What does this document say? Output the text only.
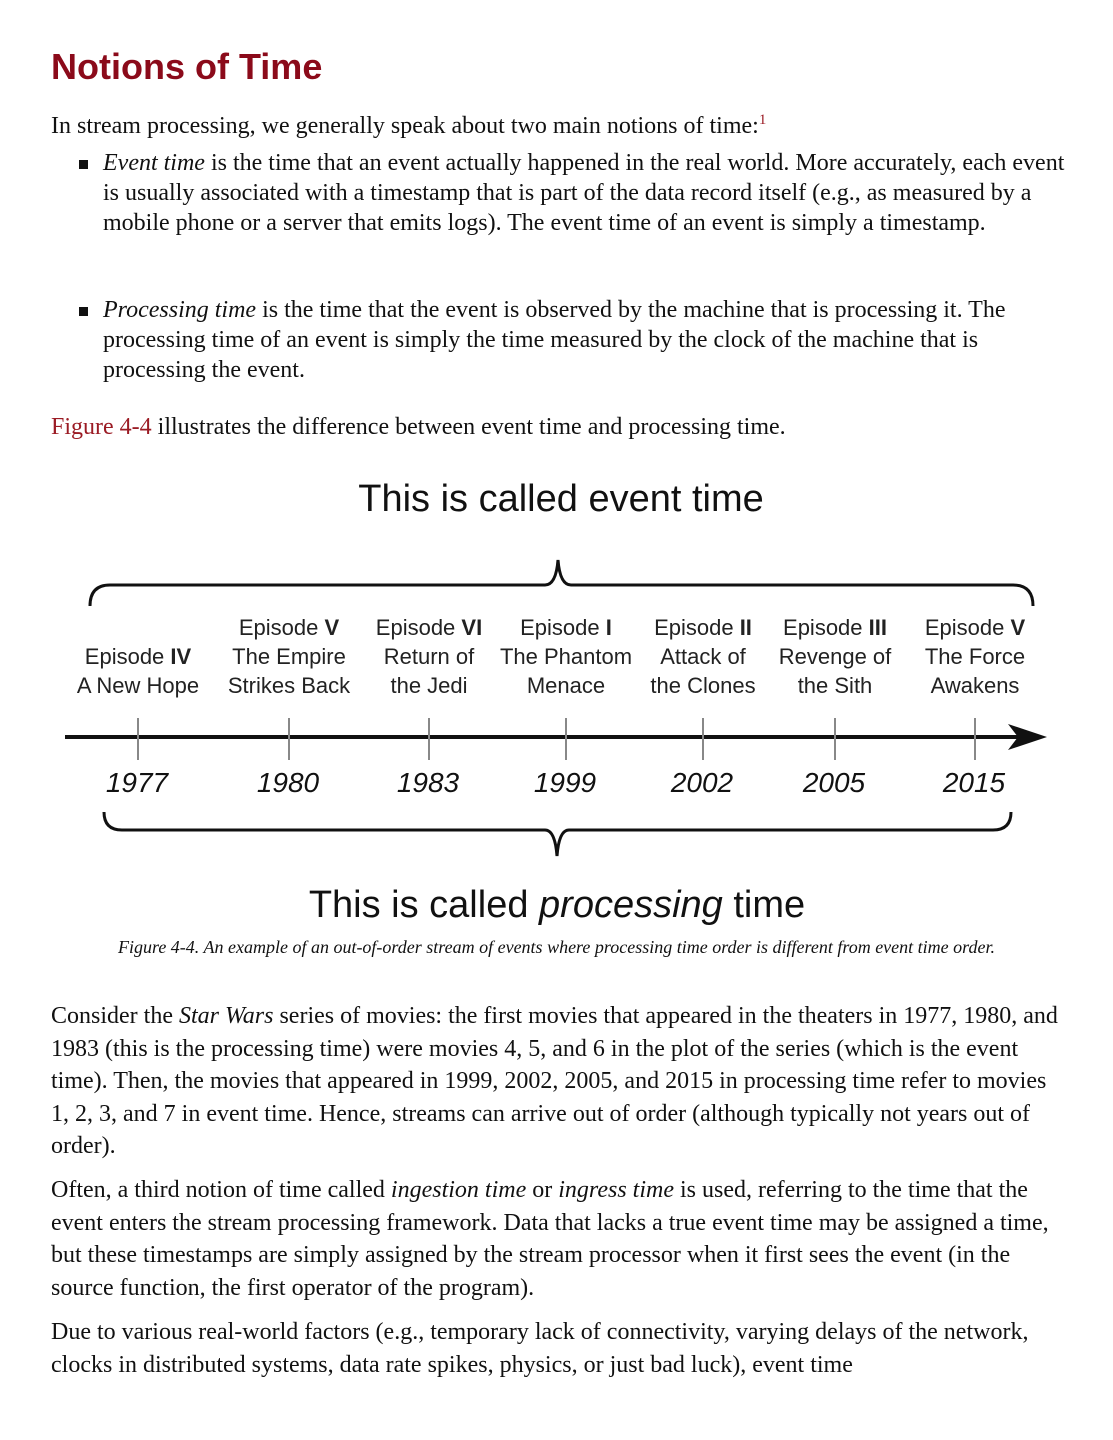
Notions of Time

In stream processing, we generally speak about two main notions of time:$^1$

Event time is the time that an event actually happened in the real world. More accurately, each event is usually associated with a timestamp that is part of the data record itself (e.g., as measured by a mobile phone or a server that emits logs). The event time of an event is simply a timestamp.
Processing time is the time that the event is observed by the machine that is processing it. The processing time of an event is simply the time measured by the clock of the machine that is processing the event.

Figure 4-4 illustrates the difference between event time and processing time.

This is called event time
Episode IV
A New Hope
1977
Episode V
The Empire
Strikes Back
1980
Episode VI
Return of
the Jedi
1983
Episode I
The Phantom
Menace
1999
Episode II
Attack of
the Clones
2002
Episode III
Revenge of
the Sith
2005
Episode V
The Force
Awakens
2015
This is called processing time
Figure 4-4. An example of an out-of-order stream of events where processing time order is different from event time order.

Consider the Star Wars series of movies: the first movies that appeared in the theaters in 1977, 1980, and 1983 (this is the processing time) were movies 4, 5, and 6 in the plot of the series (which is the event time). Then, the movies that appeared in 1999, 2002, 2005, and 2015 in processing time refer to movies 1, 2, 3, and 7 in event time. Hence, streams can arrive out of order (although typically not years out of order).

Often, a third notion of time called ingestion time or ingress time is used, referring to the time that the event enters the stream processing framework. Data that lacks a true event time may be assigned a time, but these timestamps are simply assigned by the stream processor when it first sees the event (in the source function, the first operator of the program).

Due to various real-world factors (e.g., temporary lack of connectivity, varying delays of the network, clocks in distributed systems, data rate spikes, physics, or just bad luck), event time
